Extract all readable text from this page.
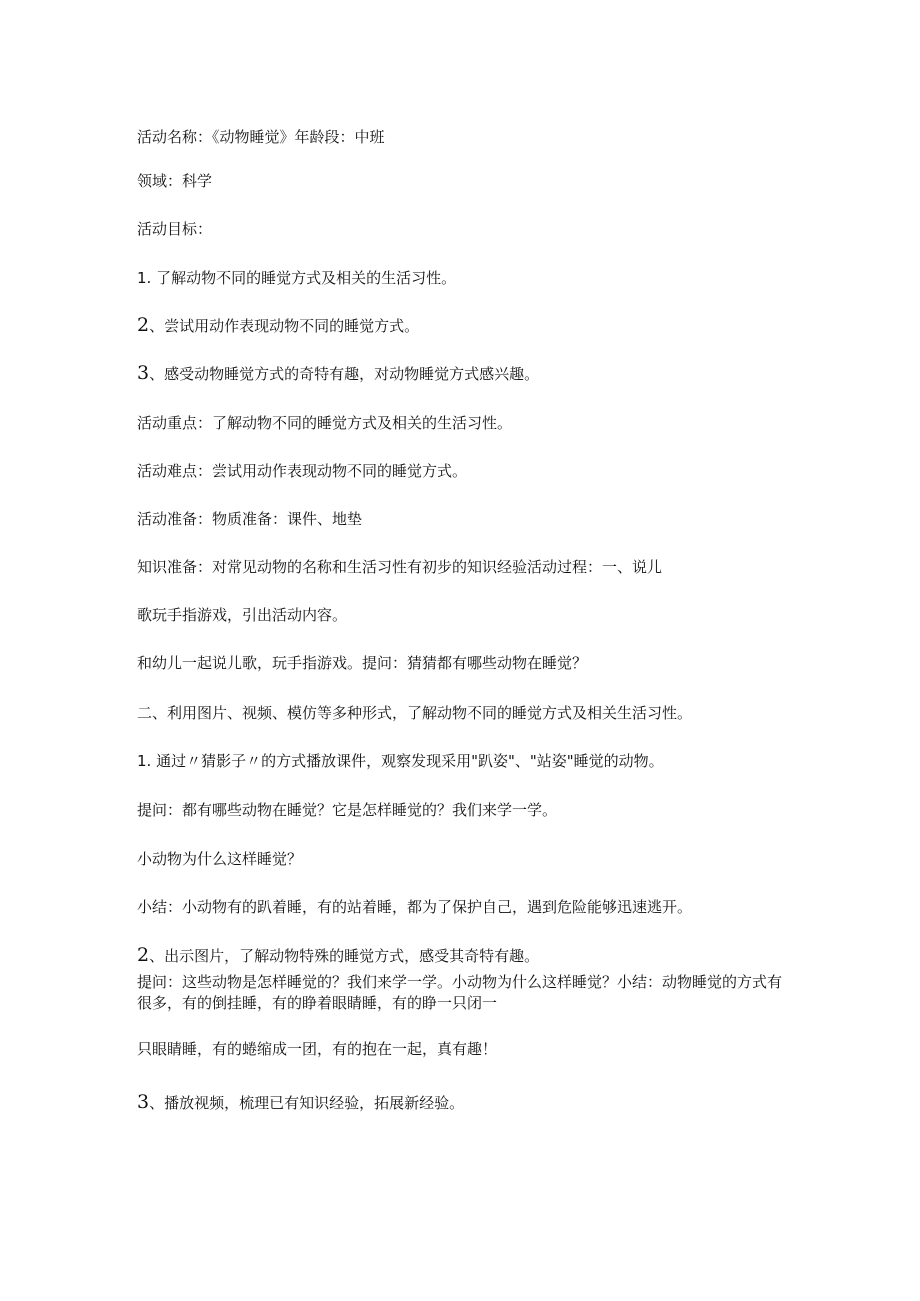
活动名称：《动物睡觉》年龄段：中班
领域：科学
活动目标：
1. 了解动物不同的睡觉方式及相关的生活习性。
2、尝试用动作表现动物不同的睡觉方式。
3、感受动物睡觉方式的奇特有趣，对动物睡觉方式感兴趣。
活动重点：了解动物不同的睡觉方式及相关的生活习性。
活动难点：尝试用动作表现动物不同的睡觉方式。
活动准备：物质准备：课件、地垫
知识准备：对常见动物的名称和生活习性有初步的知识经验活动过程：一、说儿
歌玩手指游戏，引出活动内容。
和幼儿一起说儿歌，玩手指游戏。提问：猜猜都有哪些动物在睡觉？
二、利用图片、视频、模仿等多种形式，了解动物不同的睡觉方式及相关生活习性。
1. 通过〃猜影子〃的方式播放课件，观察发现采用"趴姿"、"站姿"睡觉的动物。
提问：都有哪些动物在睡觉？它是怎样睡觉的？我们来学一学。
小动物为什么这样睡觉？
小结：小动物有的趴着睡，有的站着睡，都为了保护自己，遇到危险能够迅速逃开。
2、出示图片，了解动物特殊的睡觉方式，感受其奇特有趣。
提问：这些动物是怎样睡觉的？我们来学一学。小动物为什么这样睡觉？小结：动物睡觉的方式有很多，有的倒挂睡，有的睁着眼睛睡，有的睁一只闭一
只眼睛睡，有的蜷缩成一团，有的抱在一起，真有趣！
3、播放视频，梳理已有知识经验，拓展新经验。
